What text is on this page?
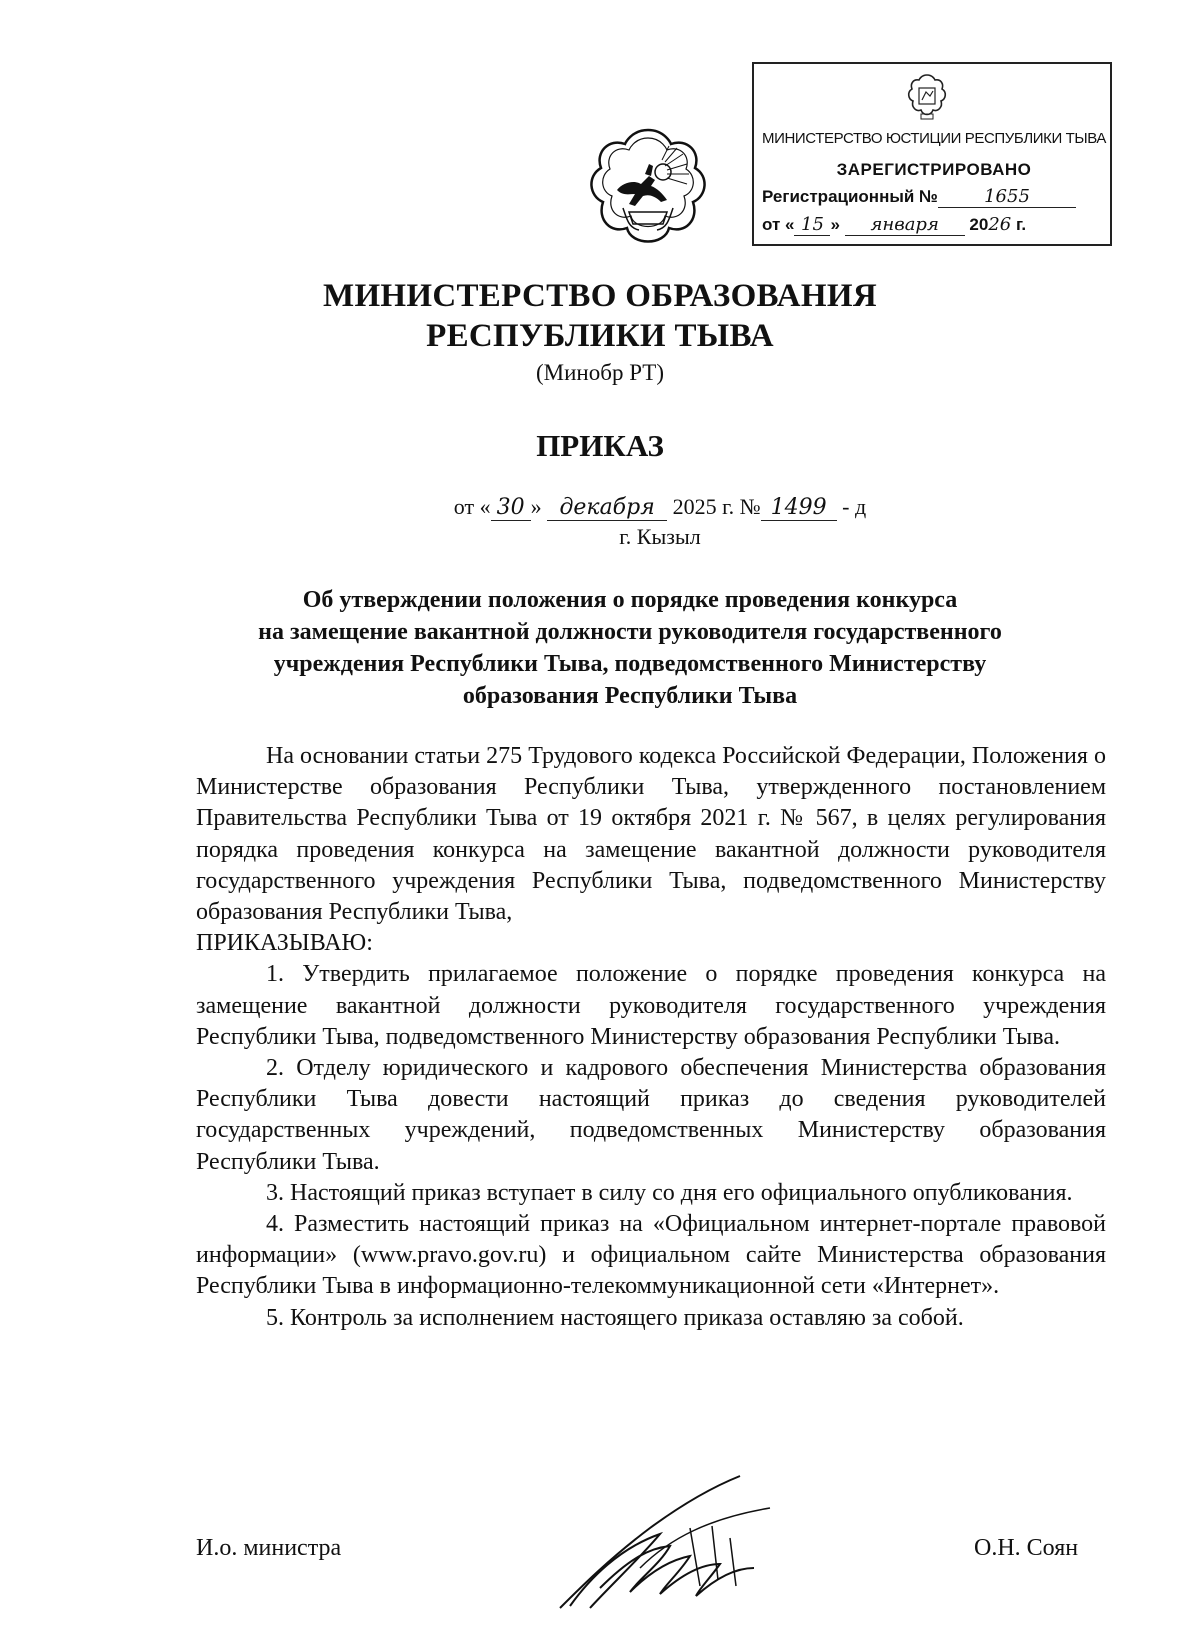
МИНИСТЕРСТВО ЮСТИЦИИ РЕСПУБЛИКИ ТЫВА
ЗАРЕГИСТРИРОВАНО
Регистрационный №	1655
от « 15 » января 2026 г.
МИНИСТЕРСТВО ОБРАЗОВАНИЯ
РЕСПУБЛИКИ ТЫВА
(Минобр РТ)
ПРИКАЗ
от « 30 » декабря 2025 г. № 1499 - д
г. Кызыл
Об утверждении положения о порядке проведения конкурса
на замещение вакантной должности руководителя государственного
учреждения Республики Тыва, подведомственного Министерству
образования Республики Тыва

На основании статьи 275 Трудового кодекса Российской Федерации, Положения о Министерстве образования Республики Тыва, утвержденного постановлением Правительства Республики Тыва от 19 октября 2021 г. № 567, в целях регулирования порядка проведения конкурса на замещение вакантной должности руководителя государственного учреждения Республики Тыва, подведомственного Министерству образования Республики Тыва,

ПРИКАЗЫВАЮ:

1. Утвердить прилагаемое положение о порядке проведения конкурса на замещение вакантной должности руководителя государственного учреждения Республики Тыва, подведомственного Министерству образования Республики Тыва.

2. Отделу юридического и кадрового обеспечения Министерства образования Республики Тыва довести настоящий приказ до сведения руководителей государственных учреждений, подведомственных Министерству образования Республики Тыва.

3. Настоящий приказ вступает в силу со дня его официального опубликования.

4. Разместить настоящий приказ на «Официальном интернет-портале правовой информации» (www.pravo.gov.ru) и официальном сайте Министерства образования Республики Тыва в информационно-телекоммуникационной сети «Интернет».

5. Контроль за исполнением настоящего приказа оставляю за собой.

И.о. министра	О.Н. Соян
